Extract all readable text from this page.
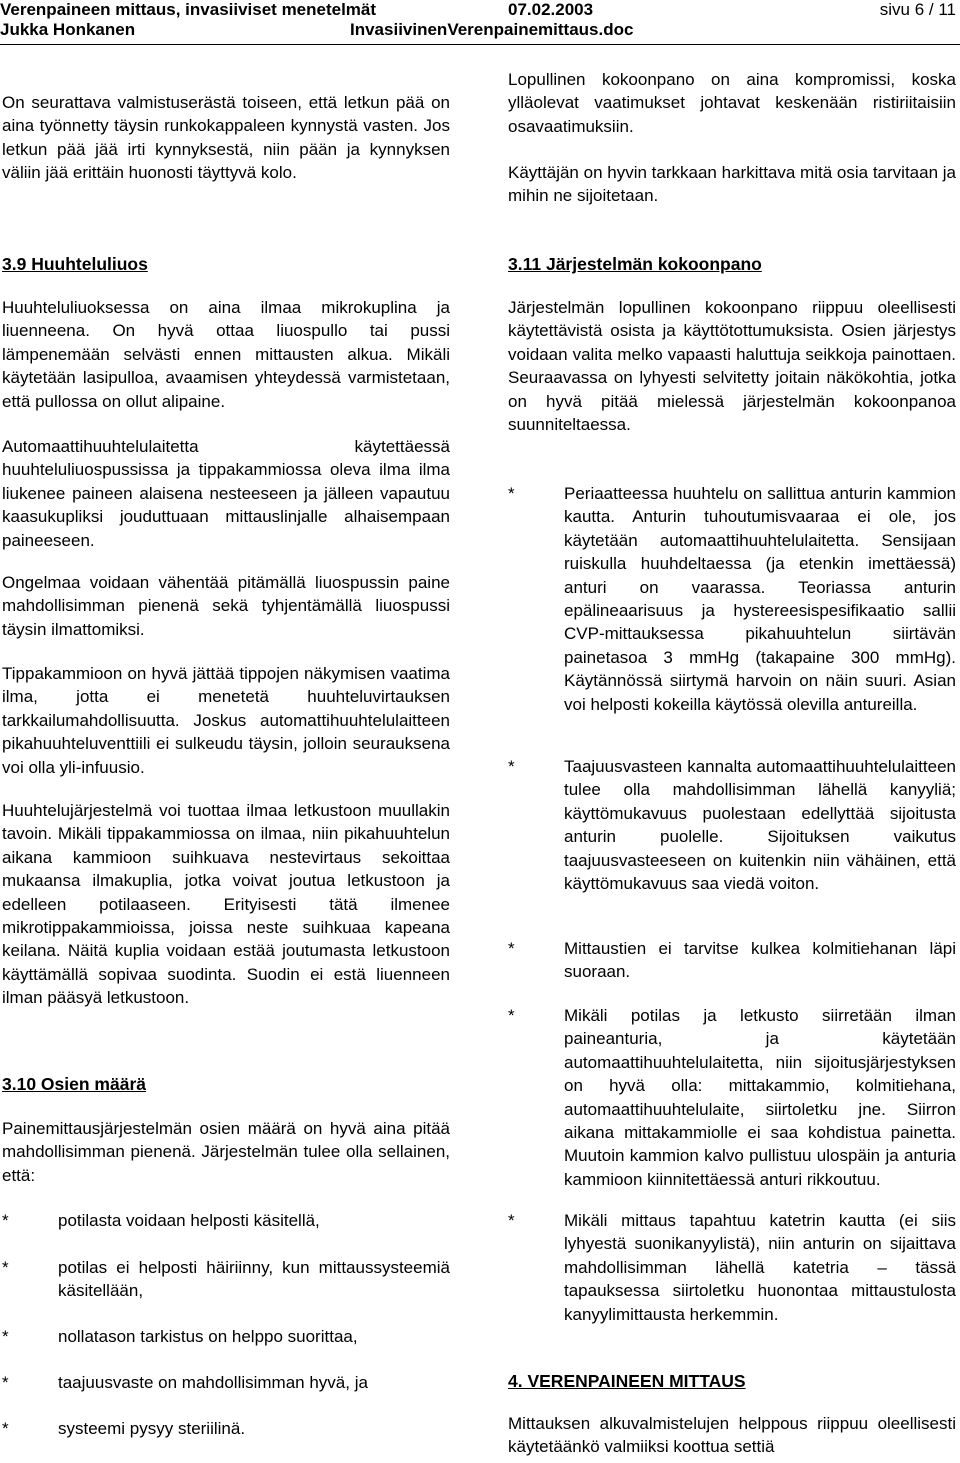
Verenpaineen mittaus, invasiiviset menetelmät	07.02.2003	sivu 6 / 11
Jukka Honkanen	InvasiivinenVerenpainemittaus.doc

On seurattava valmistuserästä toiseen, että letkun pää on aina työnnetty täysin runkokappaleen kynnystä vasten. Jos letkun pää jää irti kynnyksestä, niin pään ja kynnyksen väliin jää erittäin huonosti täyttyvä kolo.

3.9 Huuhteluliuos

Huuhteluliuoksessa on aina ilmaa mikrokuplina ja liuenneena. On hyvä ottaa liuospullo tai pussi lämpenemään selvästi ennen mittausten alkua. Mikäli käytetään lasipulloa, avaamisen yhteydessä varmistetaan, että pullossa on ollut alipaine.

Automaattihuuhtelulaitetta käytettäessä huuhteluliuospussissa ja tippakammiossa oleva ilma ilma liukenee paineen alaisena nesteeseen ja jälleen vapautuu kaasukupliksi jouduttuaan mittauslinjalle alhaisempaan paineeseen.

Ongelmaa voidaan vähentää pitämällä liuospussin paine mahdollisimman pienenä sekä tyhjentämällä liuospussi täysin ilmattomiksi.

Tippakammioon on hyvä jättää tippojen näkymisen vaatima ilma, jotta ei menetetä huuhteluvirtauksen tarkkailumahdollisuutta. Joskus automattihuuhtelulaitteen pikahuuhteluventtiili ei sulkeudu täysin, jolloin seurauksena voi olla yli-infuusio.

Huuhtelujärjestelmä voi tuottaa ilmaa letkustoon muullakin tavoin. Mikäli tippakammiossa on ilmaa, niin pikahuuhtelun aikana kammioon suihkuava nestevirtaus sekoittaa mukaansa ilmakuplia, jotka voivat joutua letkustoon ja edelleen potilaaseen. Erityisesti tätä ilmenee mikrotippakammioissa, joissa neste suihkuaa kapeana keilana. Näitä kuplia voidaan estää joutumasta letkustoon käyttämällä sopivaa suodinta. Suodin ei estä liuenneen ilman pääsyä letkustoon.

3.10 Osien määrä

Painemittausjärjestelmän osien määrä on hyvä aina pitää mahdollisimman pienenä. Järjestelmän tulee olla sellainen, että:

*	potilasta voidaan helposti käsitellä,
*	potilas ei helposti häiriinny, kun mittaussysteemiä käsitellään,
*	nollatason tarkistus on helppo suorittaa,
*	taajuusvaste on mahdollisimman hyvä, ja
*	systeemi pysyy steriilinä.

Lopullinen kokoonpano on aina kompromissi, koska ylläolevat vaatimukset johtavat keskenään ristiriitaisiin osavaatimuksiin.

Käyttäjän on hyvin tarkkaan harkittava mitä osia tarvitaan ja mihin ne sijoitetaan.

3.11 Järjestelmän kokoonpano

Järjestelmän lopullinen kokoonpano riippuu oleellisesti käytettävistä osista ja käyttötottumuksista. Osien järjestys voidaan valita melko vapaasti haluttuja seikkoja painottaen. Seuraavassa on lyhyesti selvitetty joitain näkökohtia, jotka on hyvä pitää mielessä järjestelmän kokoonpanoa suunniteltaessa.

*	Periaatteessa huuhtelu on sallittua anturin kammion kautta. Anturin tuhoutumisvaaraa ei ole, jos käytetään automaattihuuhtelulaitetta. Sensijaan ruiskulla huuhdeltaessa (ja etenkin imettäessä) anturi on vaarassa. Teoriassa anturin epälineaarisuus ja hystereesispesifikaatio sallii CVP-mittauksessa pikahuuhtelun siirtävän painetasoa 3 mmHg (takapaine 300 mmHg). Käytännössä siirtymä harvoin on näin suuri. Asian voi helposti kokeilla käytössä olevilla antureilla.
*	Taajuusvasteen kannalta automaattihuuhtelulaitteen tulee olla mahdollisimman lähellä kanyyliä; käyttömukavuus puolestaan edellyttää sijoitusta anturin puolelle. Sijoituksen vaikutus taajuusvasteeseen on kuitenkin niin vähäinen, että käyttömukavuus saa viedä voiton.
*	Mittaustien ei tarvitse kulkea kolmitiehanan läpi suoraan.
*	Mikäli potilas ja letkusto siirretään ilman paineanturia, ja käytetään automaattihuuhtelulaitetta, niin sijoitusjärjestyksen on hyvä olla: mittakammio, kolmitiehana, automaattihuuhtelulaite, siirtoletku jne. Siirron aikana mittakammiolle ei saa kohdistua painetta. Muutoin kammion kalvo pullistuu ulospäin ja anturia kammioon kiinnitettäessä anturi rikkoutuu.
*	Mikäli mittaus tapahtuu katetrin kautta (ei siis lyhyestä suonikanyylistä), niin anturin on sijaittava mahdollisimman lähellä katetria – tässä tapauksessa siirtoletku huonontaa mittaustulosta kanyylimittausta herkemmin.
4. VERENPAINEEN MITTAUS

Mittauksen alkuvalmistelujen helppous riippuu oleellisesti käytetäänkö valmiiksi koottua settiä
